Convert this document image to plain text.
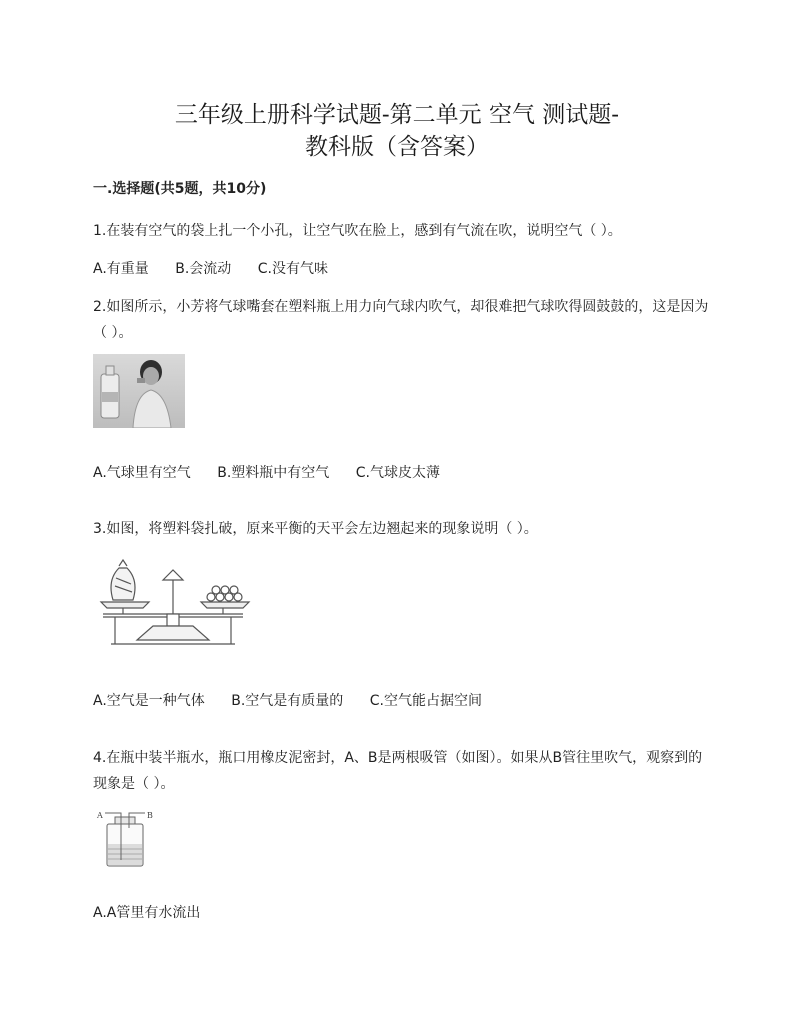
三年级上册科学试题-第二单元 空气 测试题-
教科版（含答案）
一.选择题(共5题，共10分)
1.在装有空气的袋上扎一个小孔，让空气吹在脸上，感到有气流在吹，说明空气（ ）。
A.有重量 B.会流动 C.没有气味
2.如图所示，小芳将气球嘴套在塑料瓶上用力向气球内吹气，却很难把气球吹得圆鼓鼓的，这是因为（ ）。
A.气球里有空气 B.塑料瓶中有空气 C.气球皮太薄
3.如图，将塑料袋扎破，原来平衡的天平会左边翘起来的现象说明（ ）。
A.空气是一种气体 B.空气是有质量的 C.空气能占据空间
4.在瓶中装半瓶水，瓶口用橡皮泥密封，A、B是两根吸管（如图）。如果从B管往里吹气，观察到的现象是（ ）。
A	B
A.A管里有水流出
